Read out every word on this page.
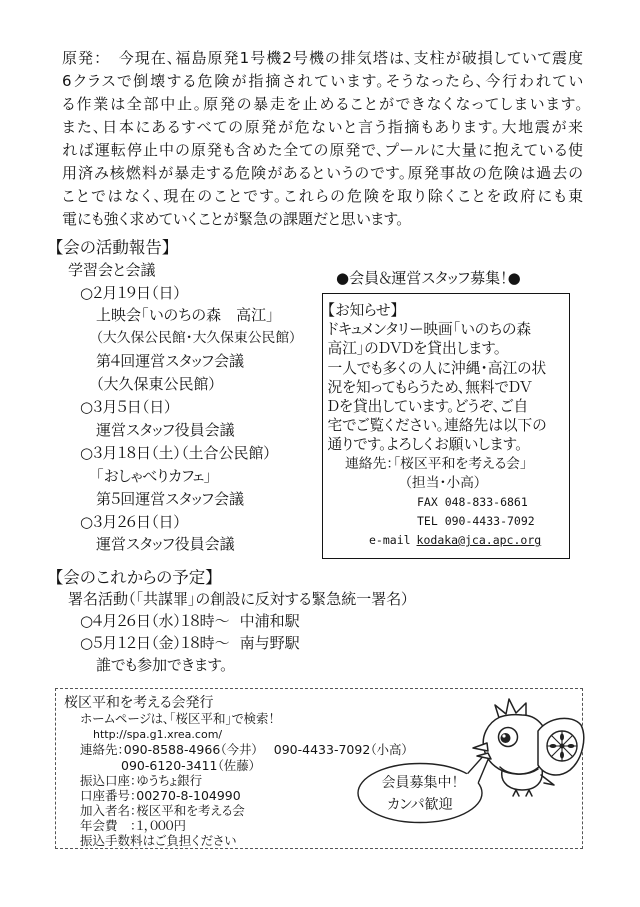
原発：　今現在、福島原発1号機2号機の排気塔は、支柱が破損していて震度
6クラスで倒壊する危険が指摘されています。そうなったら、今行われてい
る作業は全部中止。原発の暴走を止めることができなくなってしまいます。
また、日本にあるすべての原発が危ないと言う指摘もあります。大地震が来
れば運転停止中の原発も含めた全ての原発で、プールに大量に抱えている使
用済み核燃料が暴走する危険があるというのです。原発事故の危険は過去の
ことではなく、現在のことです。これらの危険を取り除くことを政府にも東
電にも強く求めていくことが緊急の課題だと思います。
【会の活動報告】
学習会と会議
○２月１９日（日）
上映会「いのちの森　高江」
（大久保公民館・大久保東公民館）
第４回運営スタッフ会議
（大久保東公民館）
○３月５日（日）
運営スタッフ役員会議
○３月１８日（土）（土合公民館）
「おしゃべりカフェ」
第５回運営スタッフ会議
○３月２６日（日）
運営スタッフ役員会議
●会員＆運営スタッフ募集！●
【お知らせ】
ドキュメンタリー映画「いのちの森
高江」のＤＶＤを貸出します。
一人でも多くの人に沖縄・高江の状
況を知ってもらうため、無料でＤＶ
Ｄを貸出しています。どうぞ、ご自
宅でご覧ください。連絡先は以下の
通りです。よろしくお願いします。
連絡先：「桜区平和を考える会」
（担当・小高）
FAX 048-833-6861
TEL 090-4433-7092
e-mail kodaka@jca.apc.org
【会のこれからの予定】
署名活動（「共謀罪」の創設に反対する緊急統一署名）
○４月２６日（水）１８時～ 中浦和駅
○５月１２日（金）１８時～ 南与野駅
誰でも参加できます。
桜区平和を考える会発行
ホームページは、「桜区平和」で検索！
http://spa.g1.xrea.com/
連絡先：090-8588-4966（今井） 090-4433-7092（小高）
090-6120-3411（佐藤）
振込口座：ゆうちょ銀行
口座番号：00270-8-104990
加入者名：桜区平和を考える会
年会費　：１，０００円
振込手数料はご負担ください
会員募集中！
カンパ歓迎
